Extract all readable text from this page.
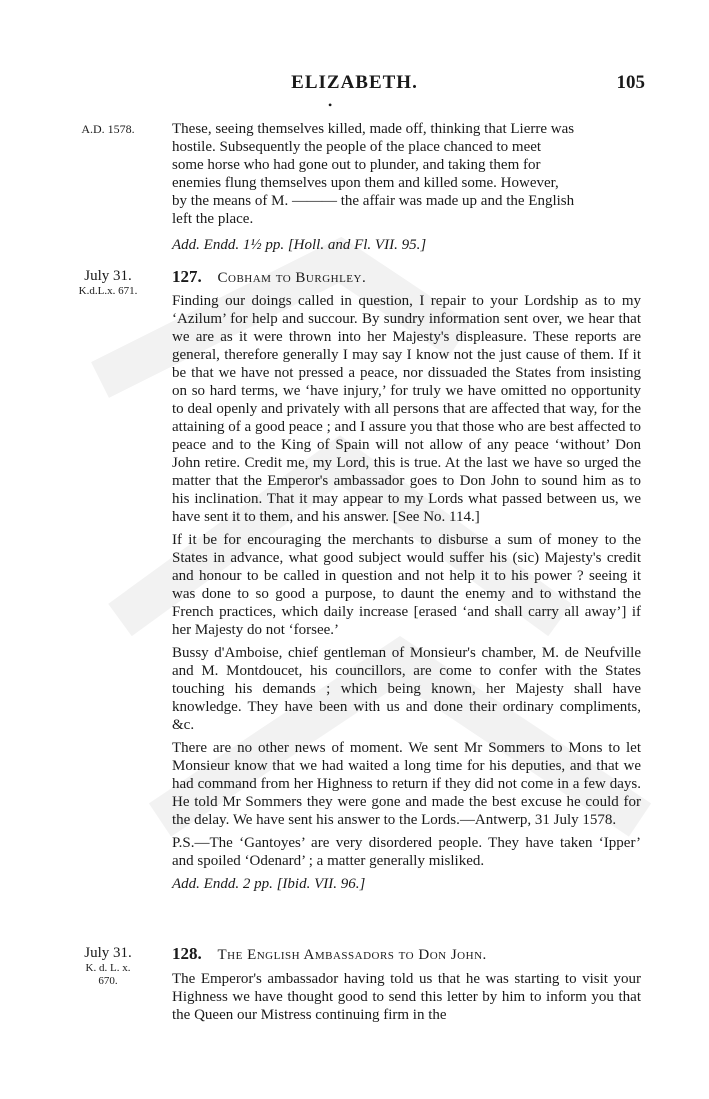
ELIZABETH.	105
•
A.D. 1578.	These, seeing themselves killed, made off, thinking that Lierre was
hostile. Subsequently the people of the place chanced to meet
some horse who had gone out to plunder, and taking them for
enemies flung themselves upon them and killed some. However,
by the means of M. ——— the affair was made up and the English
left the place.
Add. Endd. 1½ pp. [Holl. and Fl. VII. 95.]
July 31.
K.d.L.x. 671.
127. Cobham to Burghley.

Finding our doings called in question, I repair to your Lordship as to my ‘Azilum’ for help and succour. By sundry information sent over, we hear that we are as it were thrown into her Majesty's displeasure. These reports are general, therefore generally I may say I know not the just cause of them. If it be that we have not pressed a peace, nor dissuaded the States from insisting on so hard terms, we ‘have injury,’ for truly we have omitted no opportunity to deal openly and privately with all persons that are affected that way, for the attaining of a good peace ; and I assure you that those who are best affected to peace and to the King of Spain will not allow of any peace ‘without’ Don John retire. Credit me, my Lord, this is true. At the last we have so urged the matter that the Emperor's ambassador goes to Don John to sound him as to his inclination. That it may appear to my Lords what passed between us, we have sent it to them, and his answer. [See No. 114.]

If it be for encouraging the merchants to disburse a sum of money to the States in advance, what good subject would suffer his (sic) Majesty's credit and honour to be called in question and not help it to his power ? seeing it was done to so good a purpose, to daunt the enemy and to withstand the French practices, which daily increase [erased ‘and shall carry all away’] if her Majesty do not ‘forsee.’

Bussy d'Amboise, chief gentleman of Monsieur's chamber, M. de Neufville and M. Montdoucet, his councillors, are come to confer with the States touching his demands ; which being known, her Majesty shall have knowledge. They have been with us and done their ordinary compliments, &c.

There are no other news of moment. We sent Mr Sommers to Mons to let Monsieur know that we had waited a long time for his deputies, and that we had command from her Highness to return if they did not come in a few days. He told Mr Sommers they were gone and made the best excuse he could for the delay. We have sent his answer to the Lords.—Antwerp, 31 July 1578.

P.S.—The ‘Gantoyes’ are very disordered people. They have taken ‘Ipper’ and spoiled ‘Odenard’ ; a matter generally misliked.

Add. Endd. 2 pp. [Ibid. VII. 96.]
July 31.
K. d. L. x.
670.
128. The English Ambassadors to Don John.

The Emperor's ambassador having told us that he was starting to visit your Highness we have thought good to send this letter by him to inform you that the Queen our Mistress continuing firm in the
